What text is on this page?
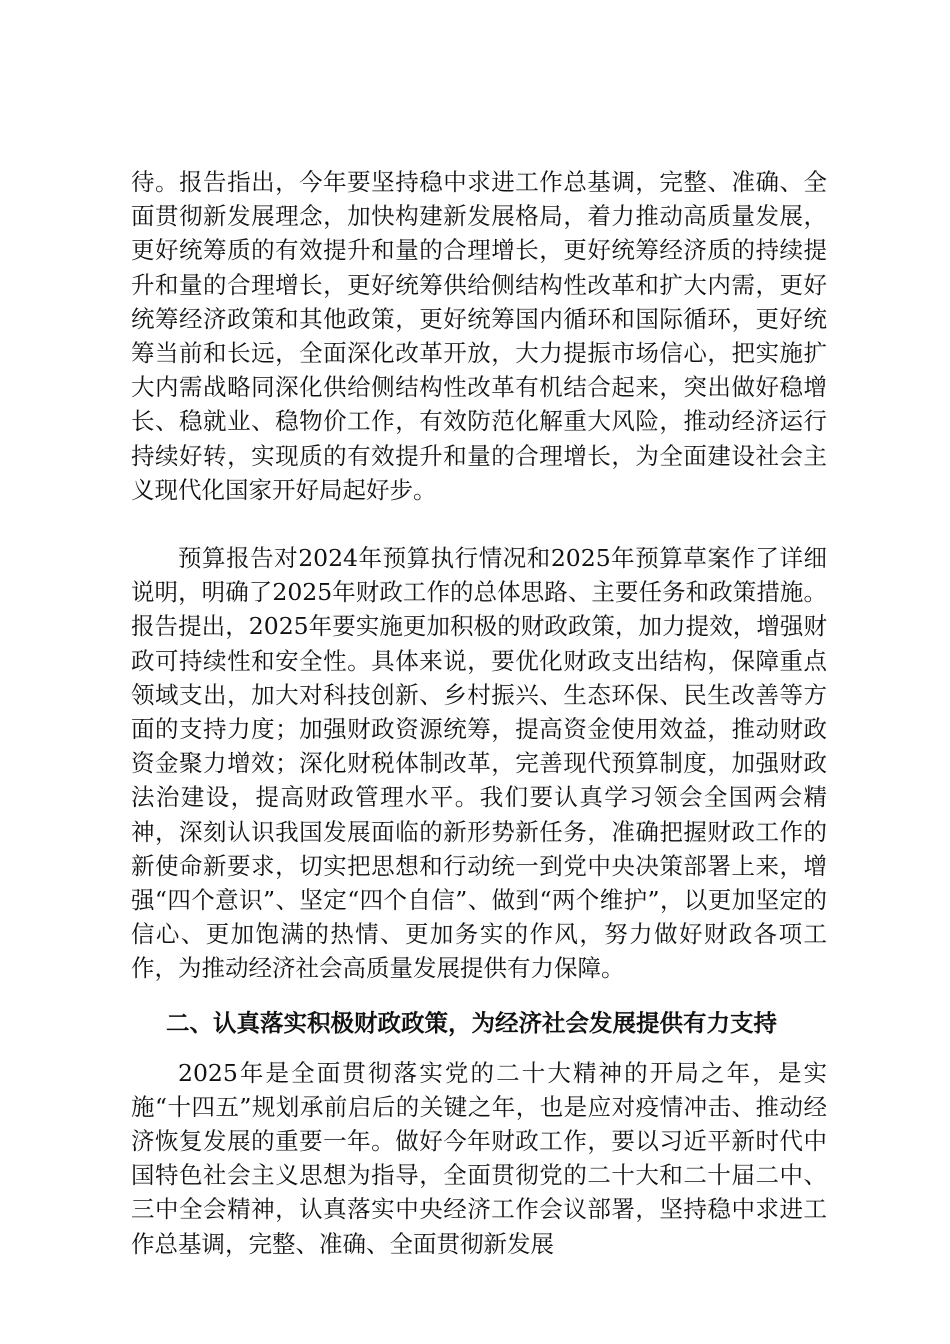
待。报告指出，今年要坚持稳中求进工作总基调，完整、准确、全面贯彻新发展理念，加快构建新发展格局，着力推动高质量发展，更好统筹质的有效提升和量的合理增长，更好统筹经济质的持续提升和量的合理增长，更好统筹供给侧结构性改革和扩大内需，更好统筹经济政策和其他政策，更好统筹国内循环和国际循环，更好统筹当前和长远，全面深化改革开放，大力提振市场信心，把实施扩大内需战略同深化供给侧结构性改革有机结合起来，突出做好稳增长、稳就业、稳物价工作，有效防范化解重大风险，推动经济运行持续好转，实现质的有效提升和量的合理增长，为全面建设社会主义现代化国家开好局起好步。

预算报告对2024年预算执行情况和2025年预算草案作了详细说明，明确了2025年财政工作的总体思路、主要任务和政策措施。报告提出，2025年要实施更加积极的财政政策，加力提效，增强财政可持续性和安全性。具体来说，要优化财政支出结构，保障重点领域支出，加大对科技创新、乡村振兴、生态环保、民生改善等方面的支持力度；加强财政资源统筹，提高资金使用效益，推动财政资金聚力增效；深化财税体制改革，完善现代预算制度，加强财政法治建设，提高财政管理水平。我们要认真学习领会全国两会精神，深刻认识我国发展面临的新形势新任务，准确把握财政工作的新使命新要求，切实把思想和行动统一到党中央决策部署上来，增强“四个意识”、坚定“四个自信”、做到“两个维护”，以更加坚定的信心、更加饱满的热情、更加务实的作风，努力做好财政各项工作，为推动经济社会高质量发展提供有力保障。

二、认真落实积极财政政策，为经济社会发展提供有力支持

2025年是全面贯彻落实党的二十大精神的开局之年，是实施“十四五”规划承前启后的关键之年，也是应对疫情冲击、推动经济恢复发展的重要一年。做好今年财政工作，要以习近平新时代中国特色社会主义思想为指导，全面贯彻党的二十大和二十届二中、三中全会精神，认真落实中央经济工作会议部署，坚持稳中求进工作总基调，完整、准确、全面贯彻新发展
